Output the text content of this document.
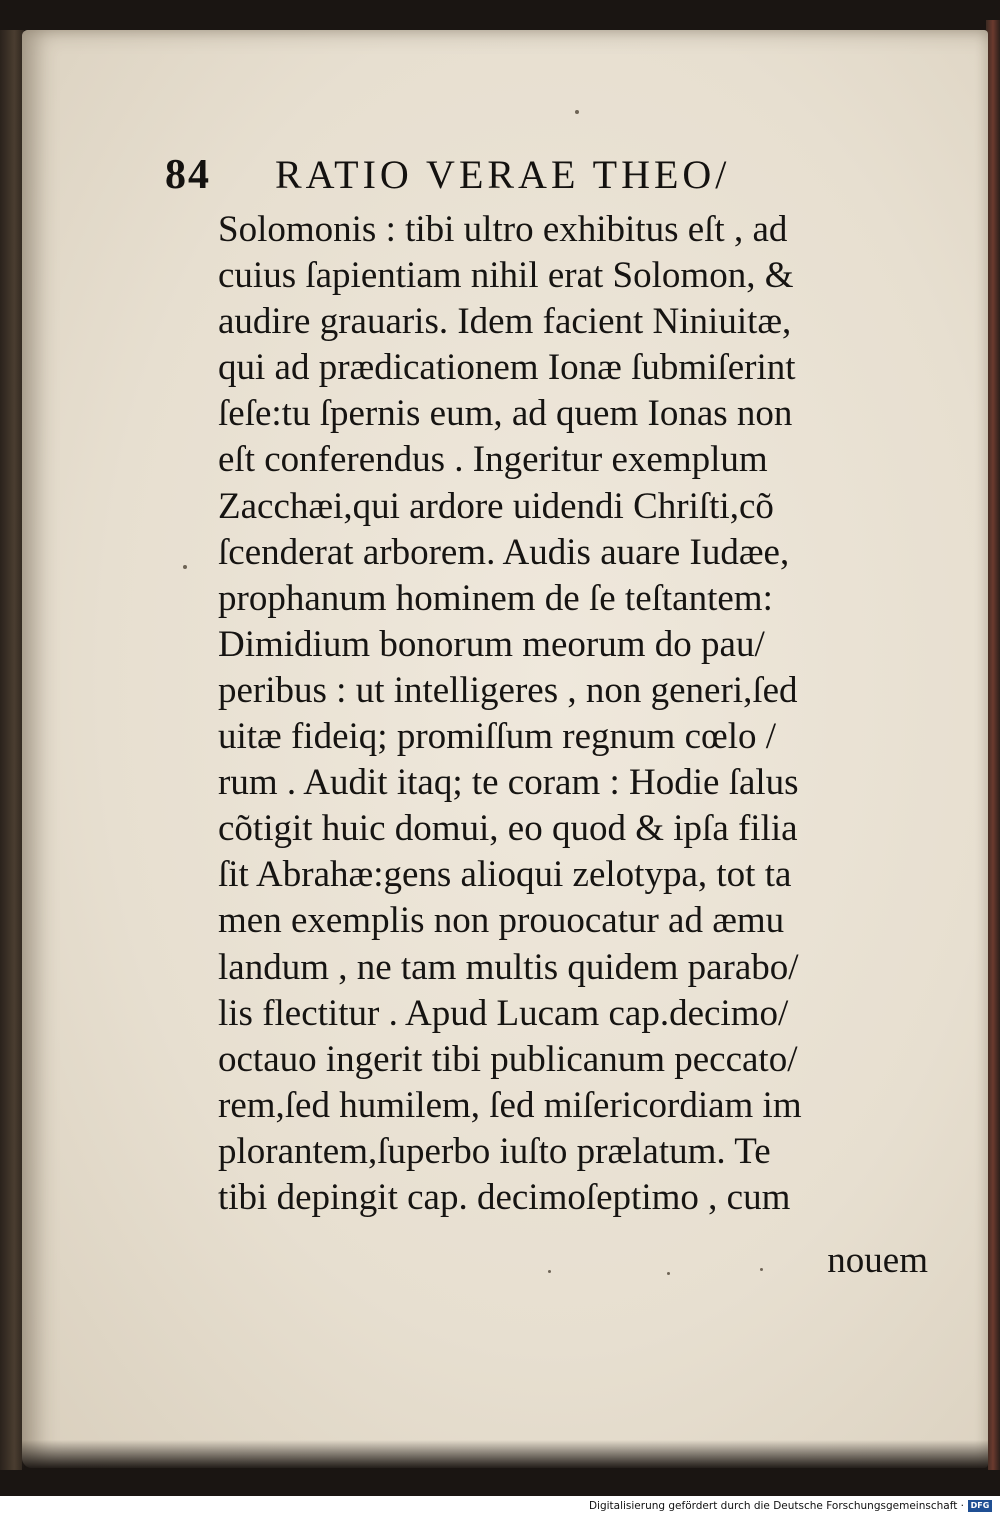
84 RATIO VERAE THEO/
Solomonis : tibi ultro exhibitus eſt , ad
cuius ſapientiam nihil erat Solomon, &
audire grauaris. Idem facient Niniuitæ,
qui ad prædicationem Ionæ ſubmiſerint
ſeſe:tu ſpernis eum, ad quem Ionas non
eſt conferendus . Ingeritur exemplum
Zacchæi,qui ardore uidendi Chriſti,cõ
ſcenderat arborem. Audis auare Iudæe,
prophanum hominem de ſe teſtantem:
Dimidium bonorum meorum do pau/
peribus : ut intelligeres , non generi,ſed
uitæ fideiq; promiſſum regnum cœlo /
rum . Audit itaq; te coram : Hodie ſalus
cõtigit huic domui, eo quod & ipſa filia
ſit Abrahæ:gens alioqui zelotypa, tot ta
men exemplis non prouocatur ad æmu
landum , ne tam multis quidem parabo/
lis flectitur . Apud Lucam cap.decimo/
octauo ingerit tibi publicanum peccato/
rem,ſed humilem, ſed miſericordiam im
plorantem,ſuperbo iuſto prælatum. Te
tibi depingit cap. decimoſeptimo , cum
nouem
Digitalisierung gefördert durch die Deutsche Forschungsgemeinschaft · DFG
